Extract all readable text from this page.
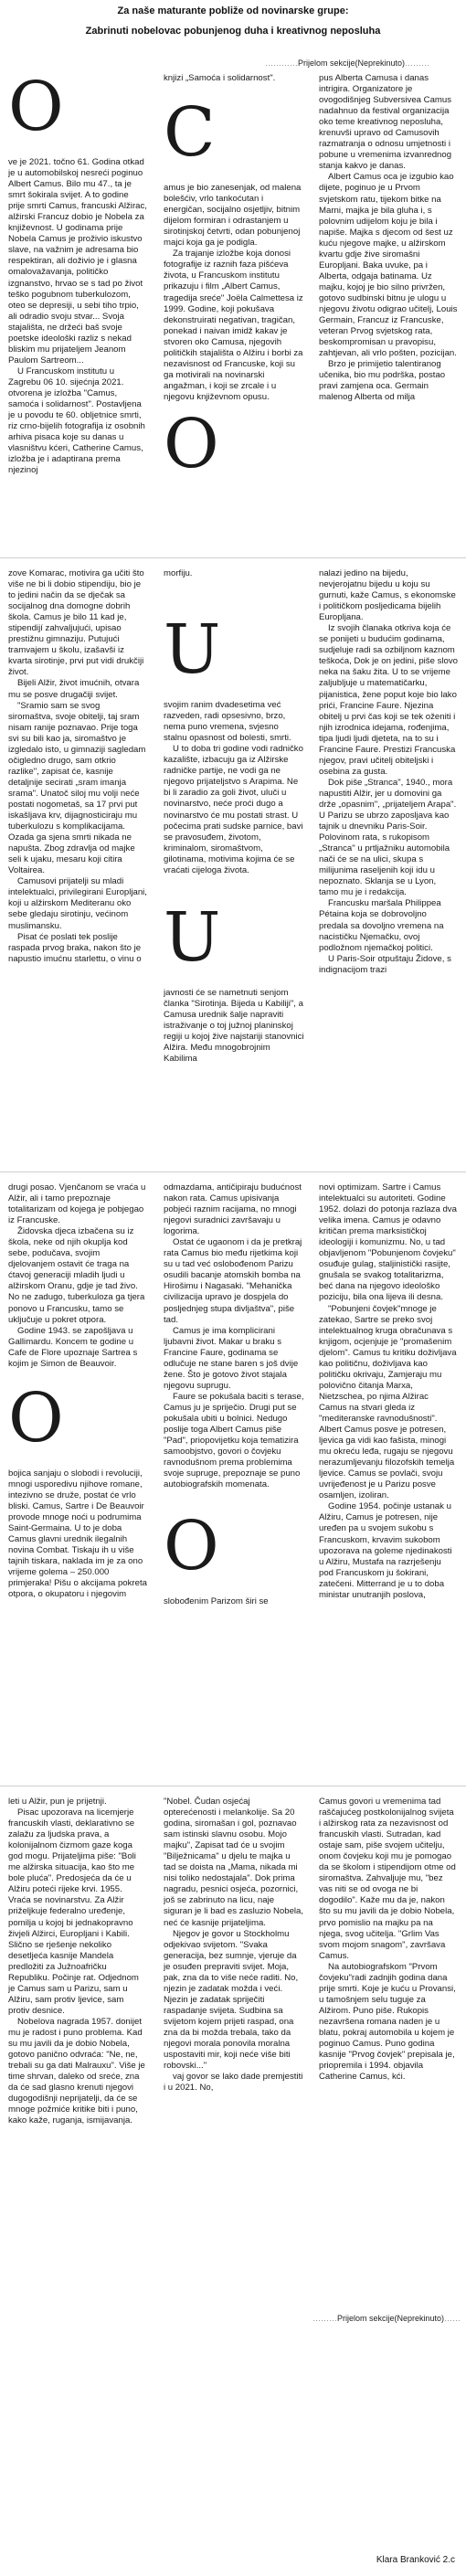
Za naše maturante pobliže od novinarske grupe:
Zabrinuti nobelovac pobunjenog duha i kreativnog neposluha
…………Prijelom sekcije(Neprekinuto)………
O

ve je 2021. točno 61. Godina otkad je u automobilskoj nesreći poginuo Albert Camus. Bilo mu 47., ta je smrt šokirala svijet. A to godine prije smrti Camus, francuski Alžirac, alžirski Francuz dobio je Nobela za književnost. U godinama prije Nobela Camus je proživio iskustvo slave, na važnim je adresama bio respektiran, ali doživio je i glasna omalovažavanja, političko izgnanstvo, hrvao se s tad po život teško pogubnom tuberkulozom, oteo se depresiji, u sebi tiho trpio, ali odradio svoju stvar... Svoja stajališta, ne držeći baš svoje poetske ideološki razliz s nekad bliskim mu prijateljem Jeanom Paulom Sartreom...

U Francuskom institutu u Zagrebu 06 10. sijećnja 2021. otvorena je izložba "Camus, samoća i solidarnost". Postavljena je u povodu te 60. obljetnice smrti, riz crno-bijelih fotografija iz osobnih arhiva pisaca koje su danas u vlasništvu kćeri, Catherine Camus, izložba je i adaptirana prema njezinoj

knjizi „Samoća i solidarnost".

C

amus je bio zanesenjak, od malena bolešćiv, vrlo tankoćutan i energičan, socijalno osjetljiv, bitnim dijelom formiran i odrastanjem u sirotinjskoj četvrti, odan pobunjenoj majci koja ga je podigla.

Za trajanje izložbe koja donosi fotografije iz raznih faza pišćeva života, u Francuskom institutu prikazuju i film „Albert Camus, tragedija sreće" Joëla Calmettesa iz 1999. Godine, koji pokušava dekonstruirati negativan, tragičan, ponekad i naivan imidž kakav je stvoren oko Camusa, njegovih političkih stajališta o Alžiru i borbi za nezavisnost od Francuske, koji su ga motivirali na novinarski angažman, i koji se zrcale i u njegovu književnom opusu.

O

pus Alberta Camusa i danas intrigira. Organizatore je ovogodišnjeg Subversivea Camus nadahnuo da festival organizacija oko teme kreativnog neposluha, krenuvši upravo od Camusovih razmatranja o odnosu umjetnosti i pobune u vremenima izvanrednog stanja kakvo je danas.

Albert Camus oca je izgubio kao dijete, poginuo je u Prvom svjetskom ratu, tijekom bitke na Marni, majka je bila gluha i, s polovnim udijelom koju je bila i napiše. Majka s djecom od šest uz kuću njegove majke, u alžirskom kvartu gdje žive siromašni Europljani. Baka uvuke, pa i Alberta, odgaja batinama. Uz majku, kojoj je bio silno privržen, gotovo sudbinski bitnu je ulogu u njegovu životu odigrao učitelj, Louis Germain, Francuz iz Francuske, veteran Prvog svjetskog rata, beskompromisan u pravopisu, zahtjevan, ali vrlo pošten, pozicijan.

Brzo je primijetio talentiranog učenika, bio mu podrška, postao pravi zamjena oca. Germain malenog Alberta od milja

zove Komarac, motivira ga učiti što više ne bi li dobio stipendiju, bio je to jedini način da se dječak sa socijalnog dna domogne dobrih škola. Camus je bilo 11 kad je, stipendijí zahvaljujući, upisao prestižnu gimnaziju. Putujući tramvajem u školu, izašavši iz kvarta sirotinje, prvi put vidi drukčiji život.

Bijeli Alžir, život imućnih, otvara mu se posve drugačiji svijet.

"Sramio sam se svog siromaštva, svoje obitelji, taj sram nisam ranije poznavao. Prije toga svi su bili kao ja, siromaštvo je izgledalo isto, u gimnaziji sagledam očigledno drugo, sam otkrio razlike", zapisat će, kasnije detaljnije secirati „sram imanja srama". Unatoč siloj mu volji neće postati nogometaš, sa 17 prvi put iskašljava krv, dijagnosticiraju mu tuberkulozu s komplikacijama. Ozada ga sjena smrti nikada ne napušta. Zbog zdravlja od majke seli k ujaku, mesaru koji citira Voltairea.

Camusovi prijatelji su mladi intelektualci, privilegirani Europljani, koji u alžirskom Mediteranu oko sebe gledaju sirotinju, većinom muslimansku.

Pisat će poslati tek poslije raspada prvog braka, nakon što je napustio imućnu starlettu, o vinu o

morfiju.

U

svojim ranim dvadesetima već razveden, radi opsesivno, brzo, nema puno vremena, svjesno stalnu opasnost od bolesti, smrti.

U to doba tri godine vodi radničko kazalište, izbacuju ga iz Alžirske radničke partije, ne vodi ga ne njegovo prijateljstvo s Arapima. Ne bi li zaradio za goli život, uluči u novinarstvo, neće proći dugo a novinarstvo će mu postati strast. U počecima prati sudske parnice, bavi se pravosuđem, životom, kriminalom, siromaštvom, gilotinama, motivima kojima će se vraćati cijeloga života.

U

javnosti će se nametnuti senjom članka "Sirotinja. Bijeda u Kabiliji", a Camusa urednik šalje napraviti istraživanje o toj južnoj planinskoj regiji u kojoj žive najstariji stanovnici Alžira. Među mnogobrojnim Kabilima

nalazi jedino na bijedu, nevjerojatnu bijedu u koju su gurnuti, kaže Camus, s ekonomske i političkom posljedicama bijelih Europljana.

Iz svojih članaka otkriva koja će se ponijeti u budućim godinama, sudjeluje radi sa ozbiljnom kaznom teškoća, Dok je on jedini, piše slovo neka na šaku žita. U to se vrijeme zaljubljuje u matematičarku, pijanistica, žene poput koje bio lako prići, Francine Faure. Njezina obitelj u prvi čas koji se tek oženiti i njih izrodnica idejama, rođenjima, tipa ljudi ljudi djeteta, na to su i Francine Faure. Prestizi Francuska njegov, pravi učitelj obiteljski i osebina za gusta.

Dok piše „Stranca", 1940., mora napustiti Alžir, jer u domovini ga drže „opasnim", „prijateljem Arapa". U Parizu se ubrzo zaposljava kao tajnik u dnevniku Paris-Soir. Polovinom rata, s rukopisom „Stranca" u prtljažniku automobila nači će se na ulici, skupa s milijunima raseljenih koji idu u nepoznato. Sklanja se u Lyon, tamo mu je i redakcija.

Francusku maršala Philippea Pétaina koja se dobrovoljno predala sa dovoljno vremena na nacističku Njemačku, ovoj podložnom njemačkoj politici.

U Paris-Soir otpuštaju Židove, s indignacijom trazi

drugi posao. Vjenčanom se vraća u Alžir, ali i tamo prepoznaje totalitarizam od kojega je pobjegao iz Francuske.

Židovska djeca izbačena su iz škola, neke od njih okuplja kod sebe, podučava, svojim djelovanjem ostavit će traga na ćtavoj generaciji mladih ljudi u alžirskom Oranu, gdje je tad živo. No ne zadugo, tuberkuloza ga tjera ponovo u Francusku, tamo se uključuje u pokret otpora.

Godine 1943. se zapošljava u Gallimardu. Koncem te godine u Cafe de Flore upoznaje Sartrea s kojim je Simon de Beauvoir.

O

bojica sanjaju o slobodi i revoluciji, mnogi usporedivu njihove romane, intezivno se druže, postat će vrlo bliski. Camus, Sartre i De Beauvoir provode mnoge noći u podrumima Saint-Germaina. U to je doba Camus glavni urednik ilegalnih novina Combat. Tiskaju ih u više tajnih tiskara, naklada im je za ono vrijeme golema – 250.000 primjeraka! Pišu o akcijama pokreta otpora, o okupatoru i njegovim

odmazdama, antičipiraju budućnost nakon rata. Camus upisivanja pobjeći raznim racijama, no mnogi njegovi suradnici završavaju u logorima.

Ostat će ugaonom i da je pretkraj rata Camus bio među rijetkima koji su u tad već oslobođenom Parizu osudili bacanje atomskih bomba na Hirošimu i Nagasaki. "Mehanička civilizacija upravo je dospjela do posljednjeg stupa divljaštva", piše tad.

Camus je ima komplicirani ljubavni život. Makar u braku s Francine Faure, godinama se odlučuje ne stane baren s još dvije žene. Što je gotovo život stajala njegovu suprugu.

Faure se pokušala baciti s terase, Camus ju je spriječio. Drugi put se pokušala ubiti u bolnici. Nedugo poslije toga Albert Camus piše "Pad", priopovijetku koja tematizira samoobjstvo, govori o čovjeku ravnodušnom prema problemima svoje supruge, prepoznaje se puno autobiografskih momenata.

O

slobođenim Parizom širi se

novi optimizam. Sartre i Camus intelektualci su autoriteti. Godine 1952. dolazi do potonja razlaza dva velika imena. Camus je odavno kritičan prema marksističkoj ideologiji i komunizmu. No, u tad objavljenom "Pobunjenom čovjeku" osuđuje gulag, staljinistički rasijte, gnušala se svakog totalitarizma, beć dana na njegovo ideološko poziciju, bila ona lijeva ili desna.

"Pobunjeni čovjek"mnoge je zatekao, Sartre se preko svoj intelektualnog kruga obračunava s knjigom, ocjenjuje je "promašenim djelom". Camus tu kritiku doživljava kao političnu, doživljava kao političku okrivaju, Zamjeraju mu polovično čitanja Marxa, Nietzschea, po njima Alžirac Camus na stvari gleda iz "mediteranske ravnodušnosti". Albert Camus posve je potresen, ljevica ga vidi kao fašista, minogi mu okreću leđa, rugaju se njegovu nerazumljevanju filozofskih temelja ljevice. Camus se povlači, svoju uvrijeđenost je u Parizu posve osamljen, izoliran.

Godine 1954. počinje ustanak u Alžiru, Camus je potresen, nije uređen pa u svojem sukobu s Francuskom, krvavim sukobom upozorava na goleme njedinakosti u Alžiru, Mustafa na razrješenju pod Francuskom ju šokirani, zatečeni. Mitterrand je u to doba ministar unutranjih poslova,

leti u Alžir, pun je prijetnji.

Pisac upozorava na licemjerje francuskih vlasti, deklarativno se zalažu za ljudska prava, a kolonijalnom čizmom gaze koga god mogu. Prijateljima piše: "Boli me alžirska situacija, kao što me bole pluća". Predosjeća da će u Alžiru poteći rijeke krvi. 1955. Vraća se novinarstvu. Za Alžir priželjkuje federalno uređenje, pomilja u kojoj bi jednakopravno živjeli Alžirci, Europljani i Kabili. Slično se rješenje nekoliko desetljeća kasnije Mandela predložiti za Južnoafričku Republiku. Počinje rat. Odjednom je Camus sam u Parizu, sam u Alžiru, sam protiv ljevice, sam protiv desnice.

Nobelova nagrada 1957. donijet mu je radost i puno problema. Kad su mu javili da je dobio Nobela, gotovo panično odvraća: "Ne, ne, trebali su ga dati Malrauxu". Više je time shrvan, daleko od sreće, zna da će sad glasno krenuti njegovi dugogodišnji neprijatelji, da će se mnoge požmiće kritike biti i puno, kako kaže, ruganja, ismijavanja.

"Nobel. Čudan osjećaj opterećenosti i melankolije. Sa 20 godina, siromašan i gol, poznavao sam istinski slavnu osobu. Mojo majku", Zapisat tad će u svojim "Bilježnicama" u djelu te majka u tad se doista na „Mama, nikada mi nisi toliko nedostajala". Dok prima nagradu, pesnici osjeća, pozornici, još se zabrinuto na licu, naje siguran je li bad es zasluzio Nobela, neć će kasnije prijateljima.

Njegov je govor u Stockholmu odjekivao svijetom. "Svaka generacija, bez sumnje, vjeruje da je osuđen prepraviti svijet. Moja, pak, zna da to više neće raditi. No, njezin je zadatak možda i veći. Njezin je zadatak spriječiti raspadanje svijeta. Sudbina sa svijetom kojem prijeti raspad, ona zna da bi možda trebala, tako da njegovi morala ponovila moralna uspostaviti mir, koji neće više biti robovski..."

vaj govor se lako dade premjestiti i u 2021. No,

Camus govori u vremenima tad raščajućeg postkolonijalnog svijeta i alžirskog rata za nezavisnost od francuskih vlasti. Sutradan, kad ostaje sam, piše svojem učitelju, onom čovjeku koji mu je pomogao da se školom i stipendijom otme od siromaštva. Zahvaljuje mu, "bez vas niti se od ovoga ne bi dogodilo". Kaže mu da je, nakon što su mu javili da je dobio Nobela, prvo pomislio na majku pa na njega, svog učitelja. "Grlim Vas svom mojom snagom", završava Camus.

Na autobiografskom "Prvom čovjeku"radi zadnjih godina dana prije smrti. Koje je kuću u Provansi, u tamošnjem selu tuguje za Alžirom. Puno piše. Rukopis nezavršena romana naden je u blatu, pokraj automobila u kojem je poginuo Camus. Puno godina kasnije "Prvog čovjek" prepisala je, priopremila i 1994. objavila Catherine Camus, kći.

………Prijelom sekcije(Neprekinuto)……
Klara Branković 2.c
